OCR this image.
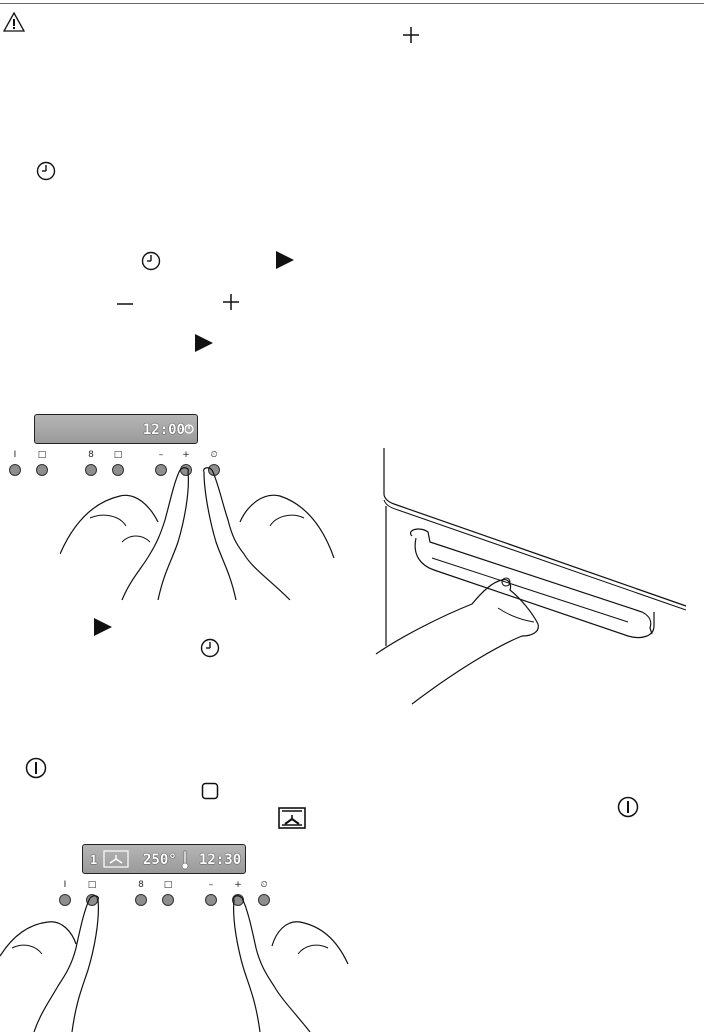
12:00
I	□	8	□	–	+	⏲
1	250° 12:30
I	□	8	□	–	+	⏲
